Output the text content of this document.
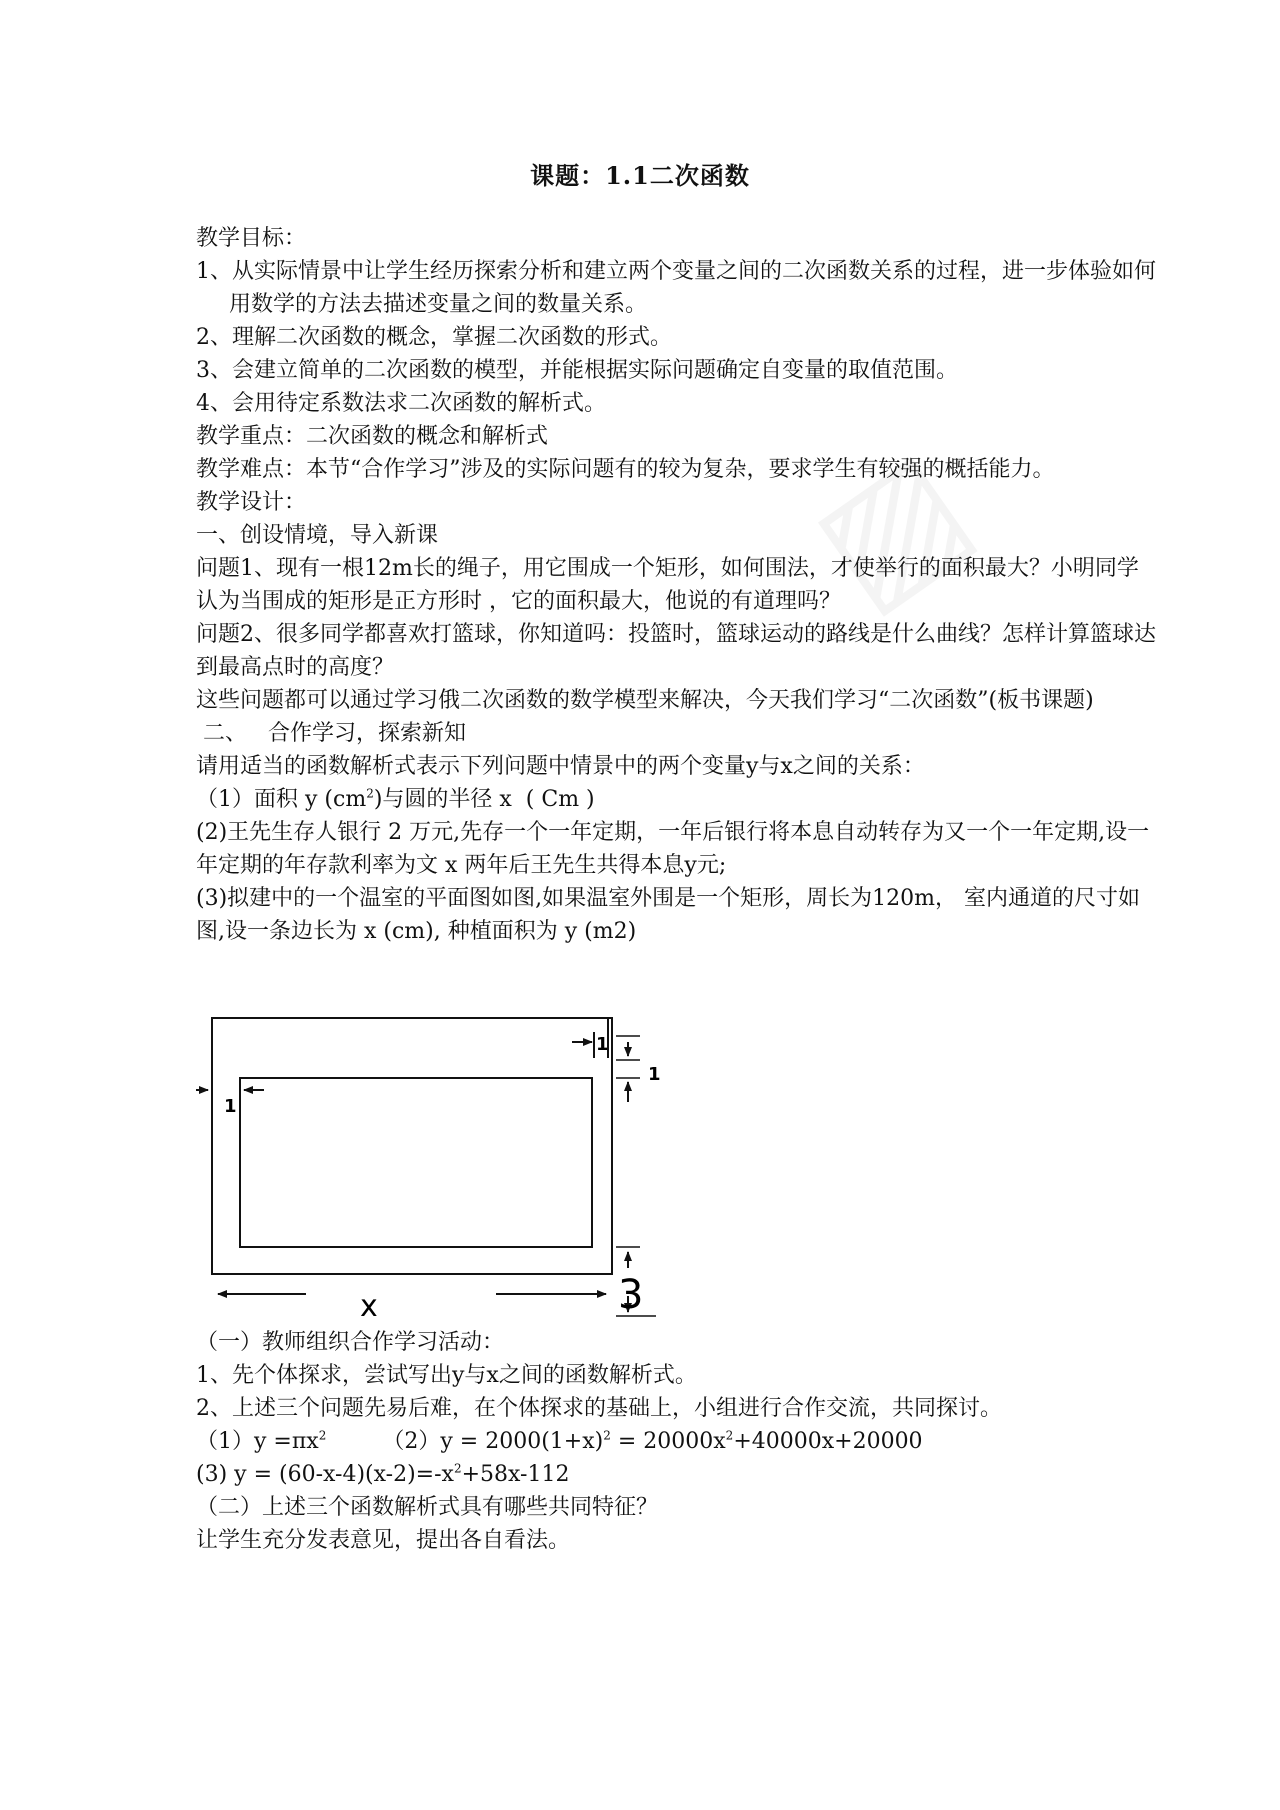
课题：1.1二次函数

教学目标：

1、从实际情景中让学生经历探索分析和建立两个变量之间的二次函数关系的过程，进一步体验如何用数学的方法去描述变量之间的数量关系。

2、理解二次函数的概念，掌握二次函数的形式。

3、会建立简单的二次函数的模型，并能根据实际问题确定自变量的取值范围。

4、会用待定系数法求二次函数的解析式。

教学重点：二次函数的概念和解析式

教学难点：本节“合作学习”涉及的实际问题有的较为复杂，要求学生有较强的概括能力。

教学设计：

一、创设情境，导入新课

问题1、现有一根12m长的绳子，用它围成一个矩形，如何围法，才使举行的面积最大？小明同学认为当围成的矩形是正方形时 ，它的面积最大，他说的有道理吗？

问题2、很多同学都喜欢打篮球，你知道吗：投篮时，篮球运动的路线是什么曲线？怎样计算篮球达到最高点时的高度？

这些问题都可以通过学习俄二次函数的数学模型来解决，今天我们学习“二次函数”(板书课题)

二、   合作学习，探索新知

请用适当的函数解析式表示下列问题中情景中的两个变量y与x之间的关系：

（1）面积 y $(cm^2)$与圆的半径 x  ( Cm )

(2)王先生存人银行 2 万元,先存一个一年定期，一年后银行将本息自动转存为又一个一年定期,设一年定期的年存款利率为文 x 两年后王先生共得本息y元;

(3)拟建中的一个温室的平面图如图,如果温室外围是一个矩形，周长为120m， 室内通道的尺寸如图,设一条边长为 x (cm), 种植面积为 y (m2)

1
1
1
3
x

（一）教师组织合作学习活动：

1、先个体探求，尝试写出y与x之间的函数解析式。

2、上述三个问题先易后难，在个体探求的基础上，小组进行合作交流，共同探讨。

$(1)y =\pi x^2$	$(2)y = 2000(1+x)^2 = 20000x^2+40000x+20000$

(3) $y = (60-x-4)(x-2)=-x^2+58x-112$

（二）上述三个函数解析式具有哪些共同特征？

让学生充分发表意见，提出各自看法。
